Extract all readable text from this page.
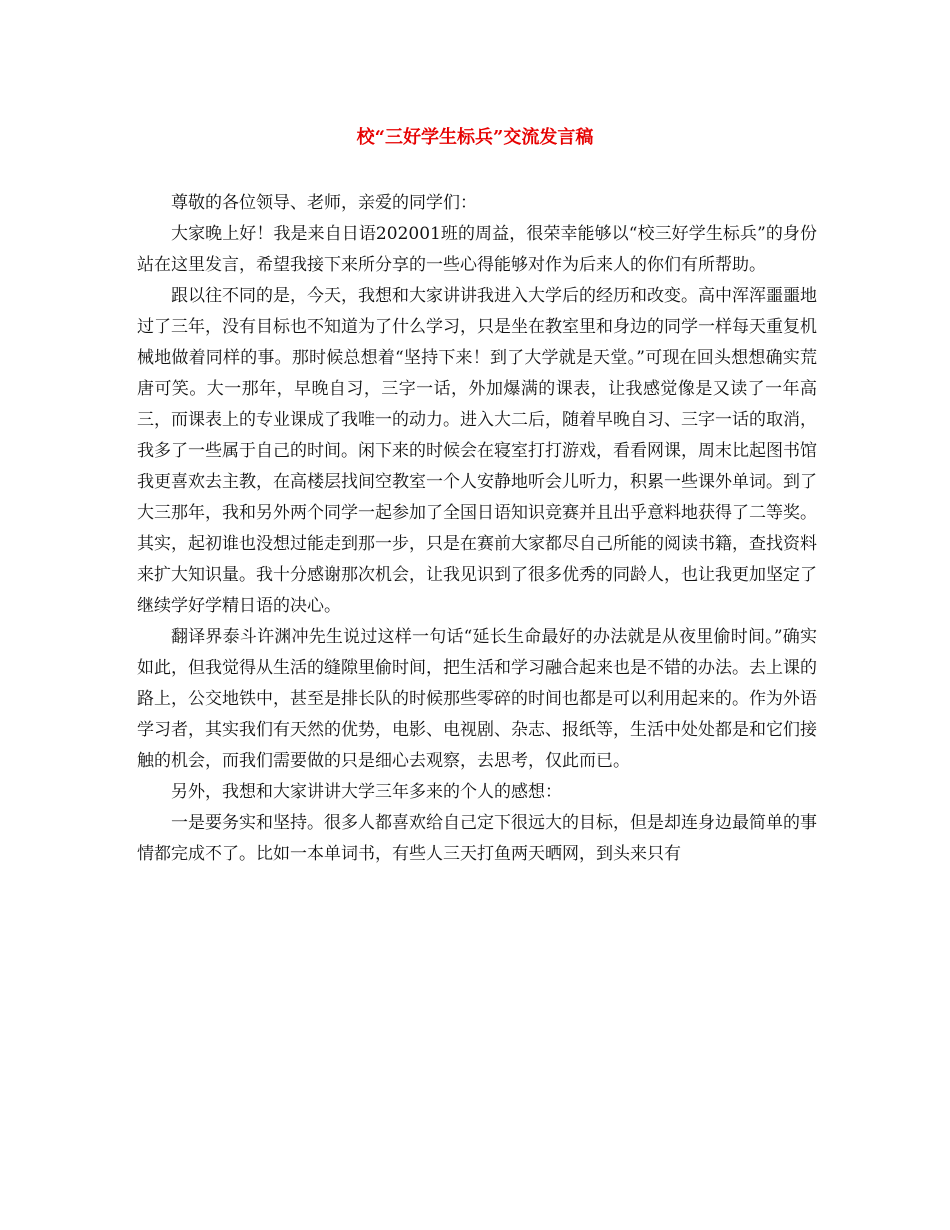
校“三好学生标兵”交流发言稿

尊敬的各位领导、老师，亲爱的同学们：

大家晚上好！我是来自日语202001班的周益，很荣幸能够以“校三好学生标兵”的身份站在这里发言，希望我接下来所分享的一些心得能够对作为后来人的你们有所帮助。

跟以往不同的是，今天，我想和大家讲讲我进入大学后的经历和改变。高中浑浑噩噩地过了三年，没有目标也不知道为了什么学习，只是坐在教室里和身边的同学一样每天重复机械地做着同样的事。那时候总想着“坚持下来！到了大学就是天堂。”可现在回头想想确实荒唐可笑。大一那年，早晚自习，三字一话，外加爆满的课表，让我感觉像是又读了一年高三，而课表上的专业课成了我唯一的动力。进入大二后，随着早晚自习、三字一话的取消，我多了一些属于自己的时间。闲下来的时候会在寝室打打游戏，看看网课，周末比起图书馆我更喜欢去主教，在高楼层找间空教室一个人安静地听会儿听力，积累一些课外单词。到了大三那年，我和另外两个同学一起参加了全国日语知识竞赛并且出乎意料地获得了二等奖。其实，起初谁也没想过能走到那一步，只是在赛前大家都尽自己所能的阅读书籍，查找资料来扩大知识量。我十分感谢那次机会，让我见识到了很多优秀的同龄人，也让我更加坚定了继续学好学精日语的决心。

翻译界泰斗许渊冲先生说过这样一句话“延长生命最好的办法就是从夜里偷时间。”确实如此，但我觉得从生活的缝隙里偷时间，把生活和学习融合起来也是不错的办法。去上课的路上，公交地铁中，甚至是排长队的时候那些零碎的时间也都是可以利用起来的。作为外语学习者，其实我们有天然的优势，电影、电视剧、杂志、报纸等，生活中处处都是和它们接触的机会，而我们需要做的只是细心去观察，去思考，仅此而已。

另外，我想和大家讲讲大学三年多来的个人的感想：

一是要务实和坚持。很多人都喜欢给自己定下很远大的目标，但是却连身边最简单的事情都完成不了。比如一本单词书，有些人三天打鱼两天晒网，到头来只有
